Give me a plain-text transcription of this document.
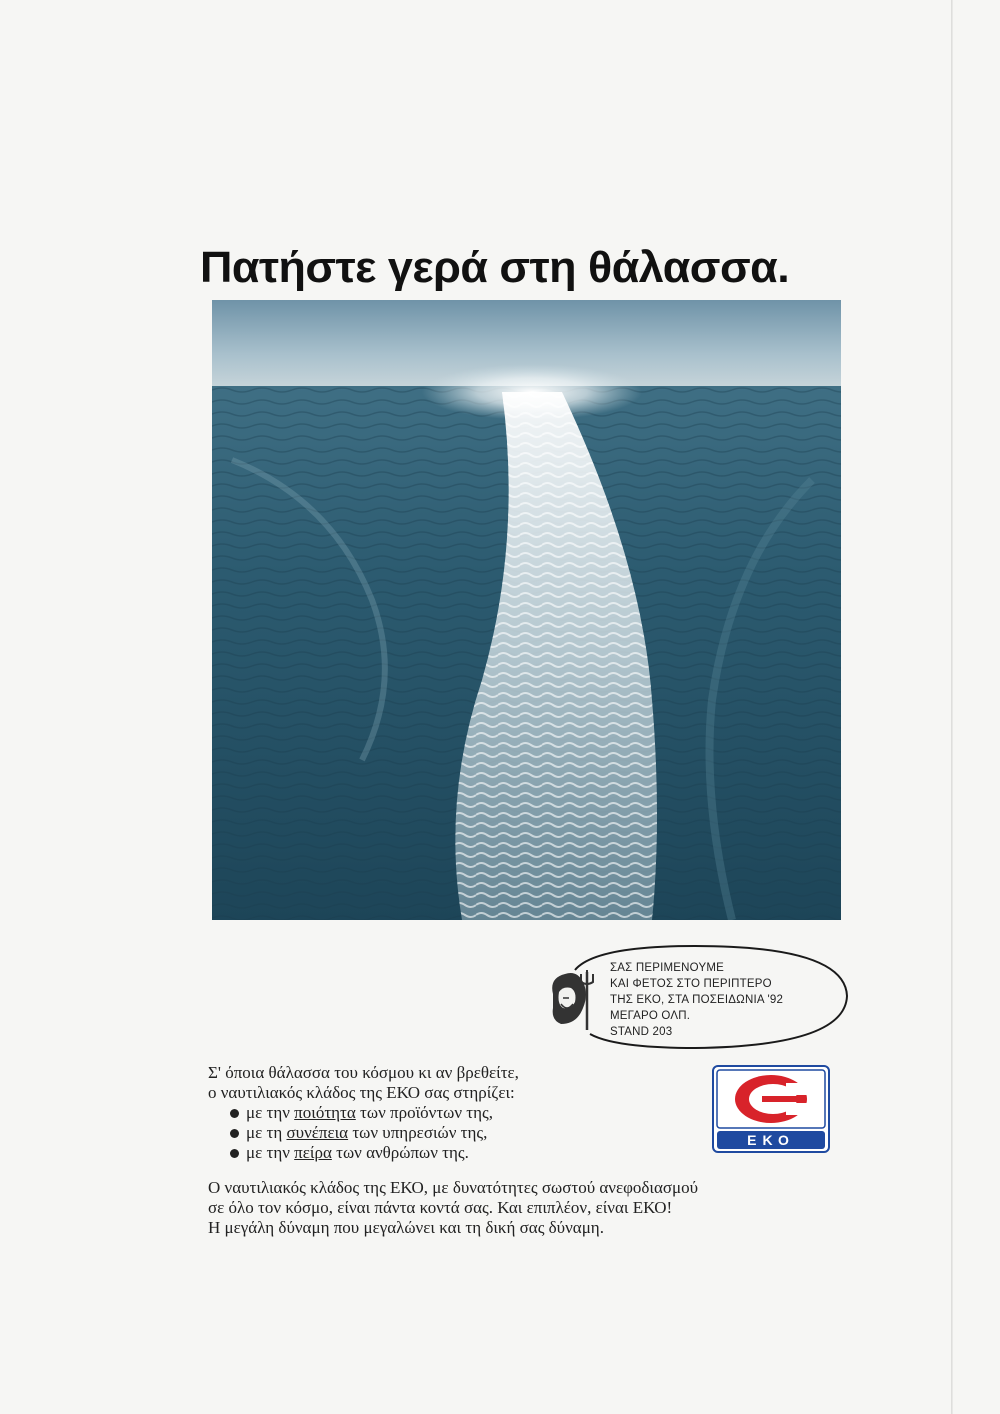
Πατήστε γερά στη θάλασσα.
ΣΑΣ ΠΕΡΙΜΕΝΟΥΜΕ
ΚΑΙ ΦΕΤΟΣ ΣΤΟ ΠΕΡΙΠΤΕΡΟ
ΤΗΣ ΕΚΟ, ΣΤΑ ΠΟΣΕΙΔΩΝΙΑ '92
ΜΕΓΑΡΟ ΟΛΠ.
STAND 203
Σ' όποια θάλασσα του κόσμου κι αν βρεθείτε,
ο ναυτιλιακός κλάδος της ΕΚΟ σας στηρίζει:
με την ποιότητα των προϊόντων της,
με τη συνέπεια των υπηρεσιών της,
με την πείρα των ανθρώπων της.
Ο ναυτιλιακός κλάδος της ΕΚΟ, με δυνατότητες σωστού ανεφοδιασμού
σε όλο τον κόσμο, είναι πάντα κοντά σας. Και επιπλέον, είναι ΕΚΟ!
Η μεγάλη δύναμη που μεγαλώνει και τη δική σας δύναμη.
ΕΚΟ
